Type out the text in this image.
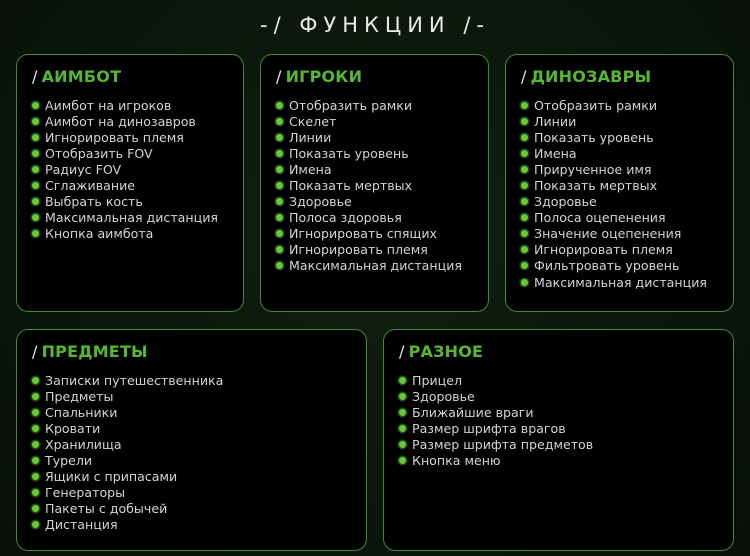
-/ ФУНКЦИИ /-
/ АИМБОТ
Аимбот на игроков
Аимбот на динозавров
Игнорировать племя
Отобразить FOV
Радиус FOV
Сглаживание
Выбрать кость
Максимальная дистанция
Кнопка аимбота
/ ИГРОКИ
Отобразить рамки
Скелет
Линии
Показать уровень
Имена
Показать мертвых
Здоровье
Полоса здоровья
Игнорировать спящих
Игнорировать племя
Максимальная дистанция
/ ДИНОЗАВРЫ
Отобразить рамки
Линии
Показать уровень
Имена
Прирученное имя
Показать мертвых
Здоровье
Полоса оцепенения
Значение оцепенения
Игнорировать племя
Фильтровать уровень
Максимальная дистанция
/ ПРЕДМЕТЫ
Записки путешественника
Предметы
Спальники
Кровати
Хранилища
Турели
Ящики с припасами
Генераторы
Пакеты с добычей
Дистанция
/ РАЗНОЕ
Прицел
Здоровье
Ближайшие враги
Размер шрифта врагов
Размер шрифта предметов
Кнопка меню
